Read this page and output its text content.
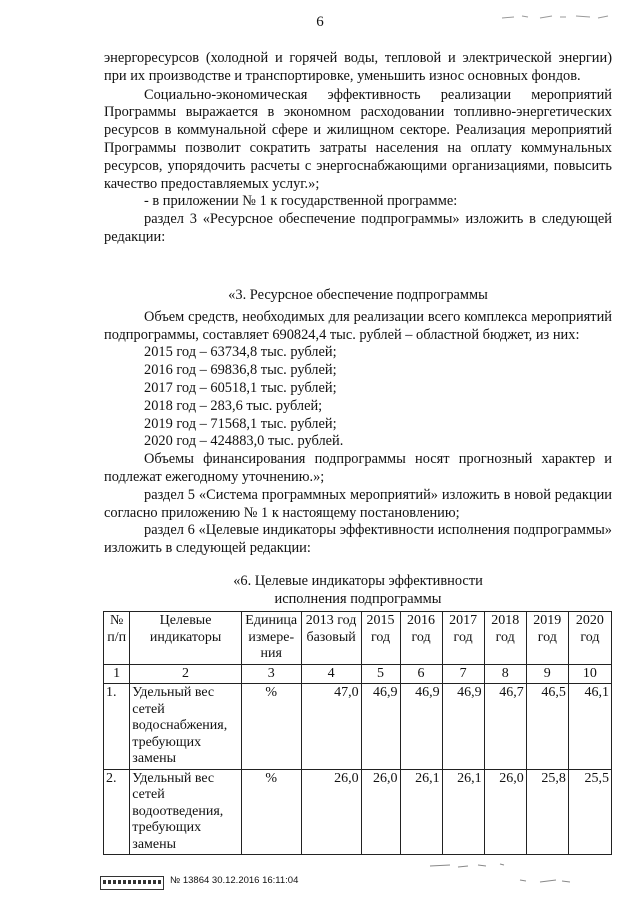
6

энергоресурсов (холодной и горячей воды, тепловой и электрической энергии) при их производстве и транспортировке, уменьшить износ основных фондов.

Социально-экономическая эффективность реализации мероприятий Программы выражается в экономном расходовании топливно-энергетических ресурсов в коммунальной сфере и жилищном секторе. Реализация мероприятий Программы позволит сократить затраты населения на оплату коммунальных ресурсов, упорядочить расчеты с энергоснабжающими организациями, повысить качество предоставляемых услуг.»;

- в приложении № 1 к государственной программе:

раздел 3 «Ресурсное обеспечение подпрограммы» изложить в следующей редакции:

«3. Ресурсное обеспечение подпрограммы

Объем средств, необходимых для реализации всего комплекса мероприятий подпрограммы, составляет 690824,4 тыс. рублей – областной бюджет, из них:

2015 год – 63734,8 тыс. рублей;

2016 год – 69836,8 тыс. рублей;

2017 год – 60518,1 тыс. рублей;

2018 год – 283,6 тыс. рублей;

2019 год – 71568,1 тыс. рублей;

2020 год – 424883,0 тыс. рублей.

Объемы финансирования подпрограммы носят прогнозный характер и подлежат ежегодному уточнению.»;

раздел 5 «Система программных мероприятий» изложить в новой редакции согласно приложению № 1 к настоящему постановлению;

раздел 6 «Целевые индикаторы эффективности исполнения подпрограммы» изложить в следующей редакции:

«6. Целевые индикаторы эффективности

исполнения подпрограммы

№ п/п	Целевые индикаторы	Единица измере-ния	2013 год базовый	2015 год	2016 год	2017 год	2018 год	2019 год	2020 год
1	2	3	4	5	6	7	8	9	10
1.	Удельный вес сетей водоснабжения, требующих замены	%	47,0	46,9	46,9	46,9	46,7	46,5	46,1
2.	Удельный вес сетей водоотведения, требующих замены	%	26,0	26,0	26,1	26,1	26,0	25,8	25,5
№ 13864 30.12.2016 16:11:04
